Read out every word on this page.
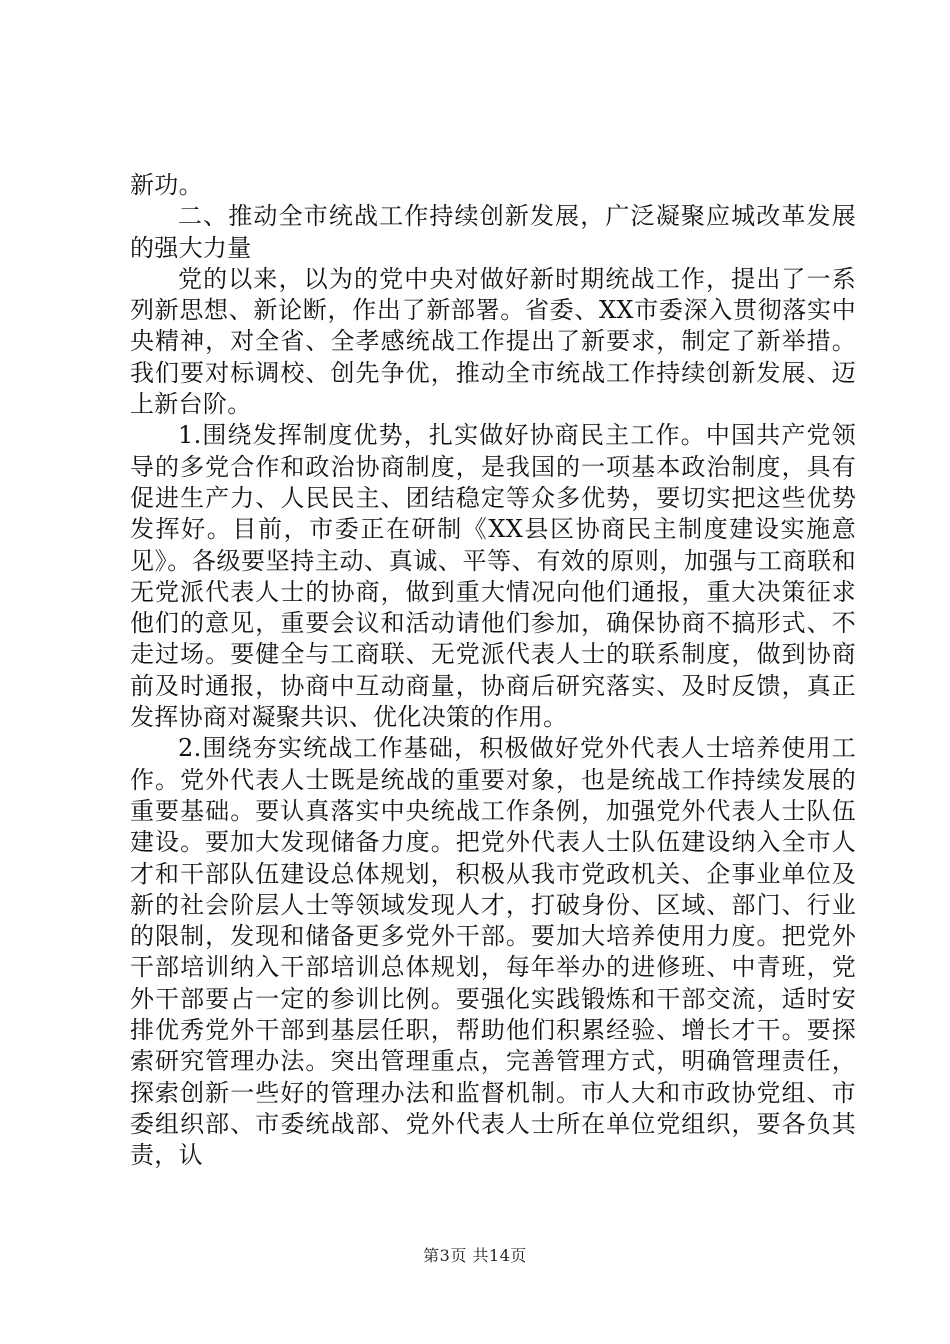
新功。

二、推动全市统战工作持续创新发展，广泛凝聚应城改革发展的强大力量

党的以来，以为的党中央对做好新时期统战工作，提出了一系列新思想、新论断，作出了新部署。省委、XX市委深入贯彻落实中央精神，对全省、全孝感统战工作提出了新要求，制定了新举措。我们要对标调校、创先争优，推动全市统战工作持续创新发展、迈上新台阶。

1.围绕发挥制度优势，扎实做好协商民主工作。中国共产党领导的多党合作和政治协商制度，是我国的一项基本政治制度，具有促进生产力、人民民主、团结稳定等众多优势，要切实把这些优势发挥好。目前，市委正在研制《XX县区协商民主制度建设实施意见》。各级要坚持主动、真诚、平等、有效的原则，加强与工商联和无党派代表人士的协商，做到重大情况向他们通报，重大决策征求他们的意见，重要会议和活动请他们参加，确保协商不搞形式、不走过场。要健全与工商联、无党派代表人士的联系制度，做到协商前及时通报，协商中互动商量，协商后研究落实、及时反馈，真正发挥协商对凝聚共识、优化决策的作用。

2.围绕夯实统战工作基础，积极做好党外代表人士培养使用工作。党外代表人士既是统战的重要对象，也是统战工作持续发展的重要基础。要认真落实中央统战工作条例，加强党外代表人士队伍建设。要加大发现储备力度。把党外代表人士队伍建设纳入全市人才和干部队伍建设总体规划，积极从我市党政机关、企事业单位及新的社会阶层人士等领域发现人才，打破身份、区域、部门、行业的限制，发现和储备更多党外干部。要加大培养使用力度。把党外干部培训纳入干部培训总体规划，每年举办的进修班、中青班，党外干部要占一定的参训比例。要强化实践锻炼和干部交流，适时安排优秀党外干部到基层任职，帮助他们积累经验、增长才干。要探索研究管理办法。突出管理重点，完善管理方式，明确管理责任，探索创新一些好的管理办法和监督机制。市人大和市政协党组、市委组织部、市委统战部、党外代表人士所在单位党组织，要各负其责，认

第3页 共14页
